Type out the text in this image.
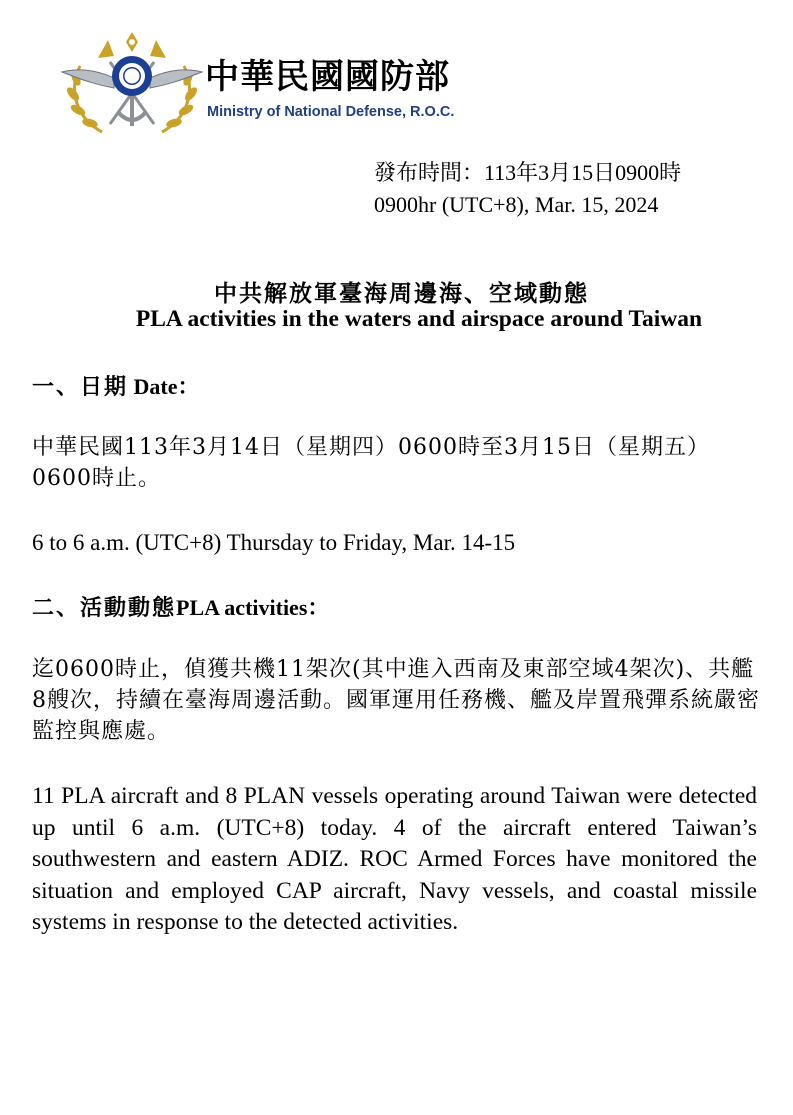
中華民國國防部
Ministry of National Defense, R.O.C.
發布時間：113年3月15日0900時
0900hr (UTC+8), Mar. 15, 2024
中共解放軍臺海周邊海、空域動態
PLA activities in the waters and airspace around Taiwan
一、日期 Date：
中華民國113年3月14日（星期四）0600時至3月15日（星期五）0600時止。
6 to 6 a.m. (UTC+8) Thursday to Friday, Mar. 14-15
二、活動動態PLA activities：
迄0600時止，偵獲共機11架次(其中進入西南及東部空域4架次)、共艦8艘次，持續在臺海周邊活動。國軍運用任務機、艦及岸置飛彈系統嚴密監控與應處。
11 PLA aircraft and 8 PLAN vessels operating around Taiwan were detected up until 6 a.m. (UTC+8) today. 4 of the aircraft entered Taiwan’s southwestern and eastern ADIZ. ROC Armed Forces have monitored the situation and employed CAP aircraft, Navy vessels, and coastal missile systems in response to the detected activities.
